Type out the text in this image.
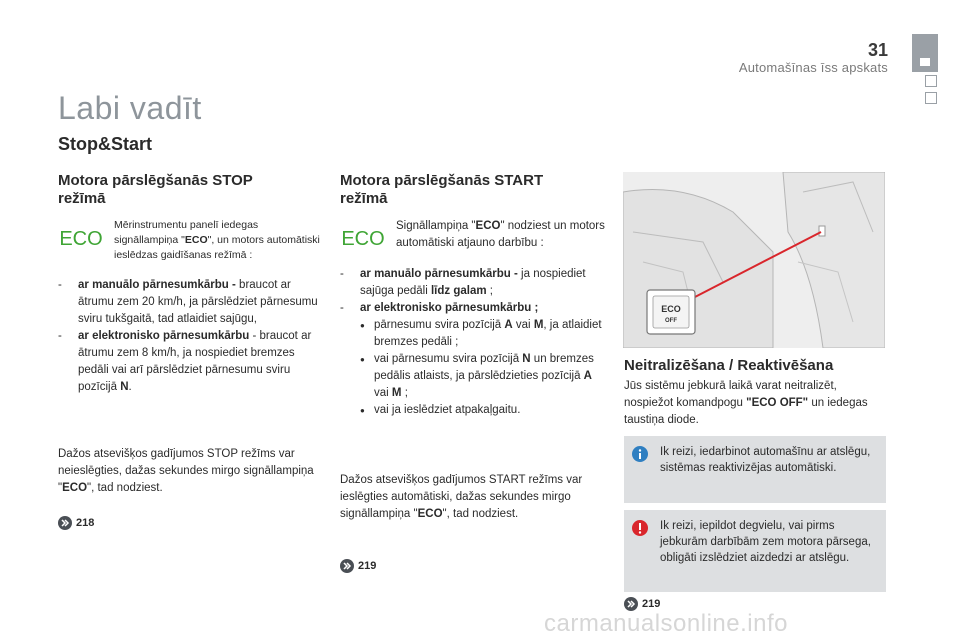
31
Automašīnas īss apskats
Labi vadīt
Stop&Start
Motora pārslēgšanās STOP
režīmā
ECO
Mērinstrumentu panelī iedegas signāllampiņa "ECO", un motors automātiski ieslēdzas gaidīšanas režīmā :
- ar manuālo pārnesumkārbu - braucot ar ātrumu zem 20 km/h, ja pārslēdziet pārnesumu sviru tukšgaitā, tad atlaidiet sajūgu,
- ar elektronisko pārnesumkārbu - braucot ar ātrumu zem 8 km/h, ja nospiediet bremzes pedāli vai arī pārslēdziet pārnesumu sviru pozīcijā N.
Dažos atsevišķos gadījumos STOP režīms var neieslēgties, dažas sekundes mirgo signāllampiņa "ECO", tad nodziest.
218
Motora pārslēgšanās START
režīmā
ECO
Signāllampiņa "ECO" nodziest un motors automātiski atjauno darbību :
- ar manuālo pārnesumkārbu - ja nospiediet sajūga pedāli līdz galam ;
- ar elektronisko pārnesumkārbu ;
● pārnesumu svira pozīcijā A vai M, ja atlaidiet bremzes pedāli ;
● vai pārnesumu svira pozīcijā N un bremzes pedālis atlaists, ja pārslēdzieties pozīcijā A vai M ;
● vai ja ieslēdziet atpakaļgaitu.
Dažos atsevišķos gadījumos START režīms var ieslēgties automātiski, dažas sekundes mirgo signāllampiņa "ECO", tad nodziest.
219
ECO
OFF
Neitralizēšana / Reaktivēšana
Jūs sistēmu jebkurā laikā varat neitralizēt, nospiežot komandpogu "ECO OFF" un iedegas taustiņa diode.
Ik reizi, iedarbinot automašīnu ar atslēgu, sistēmas reaktivizējas automātiski.
Ik reizi, iepildot degvielu, vai pirms jebkurām darbībām zem motora pārsega, obligāti izslēdziet aizdedzi ar atslēgu.
219
carmanualsonline.info
